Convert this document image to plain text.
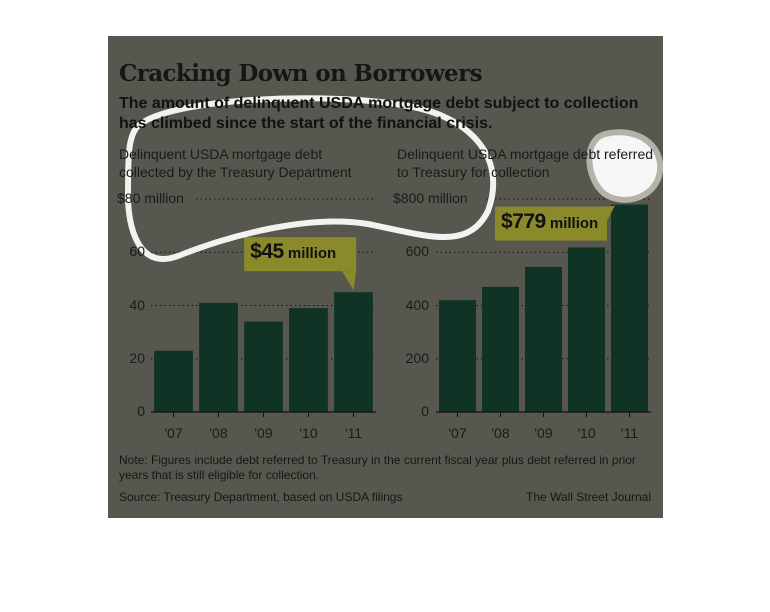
Cracking Down on Borrowers
The amount of delinquent USDA mortgage debt subject to collection has climbed since the start of the financial crisis.
Delinquent USDA mortgage debt collected by the Treasury Department
Delinquent USDA mortgage debt referred to Treasury for collection
$80 million
0
20
40
60
'07	'08	'09	'10	'11
$45 million
$800 million
0
200
400
600
'07	'08	'09	'10	'11
$779 million
Note: Figures include debt referred to Treasury in the current fiscal year plus debt referred in prior years that is still eligible for collection.
Source: Treasury Department, based on USDA filings	The Wall Street Journal
